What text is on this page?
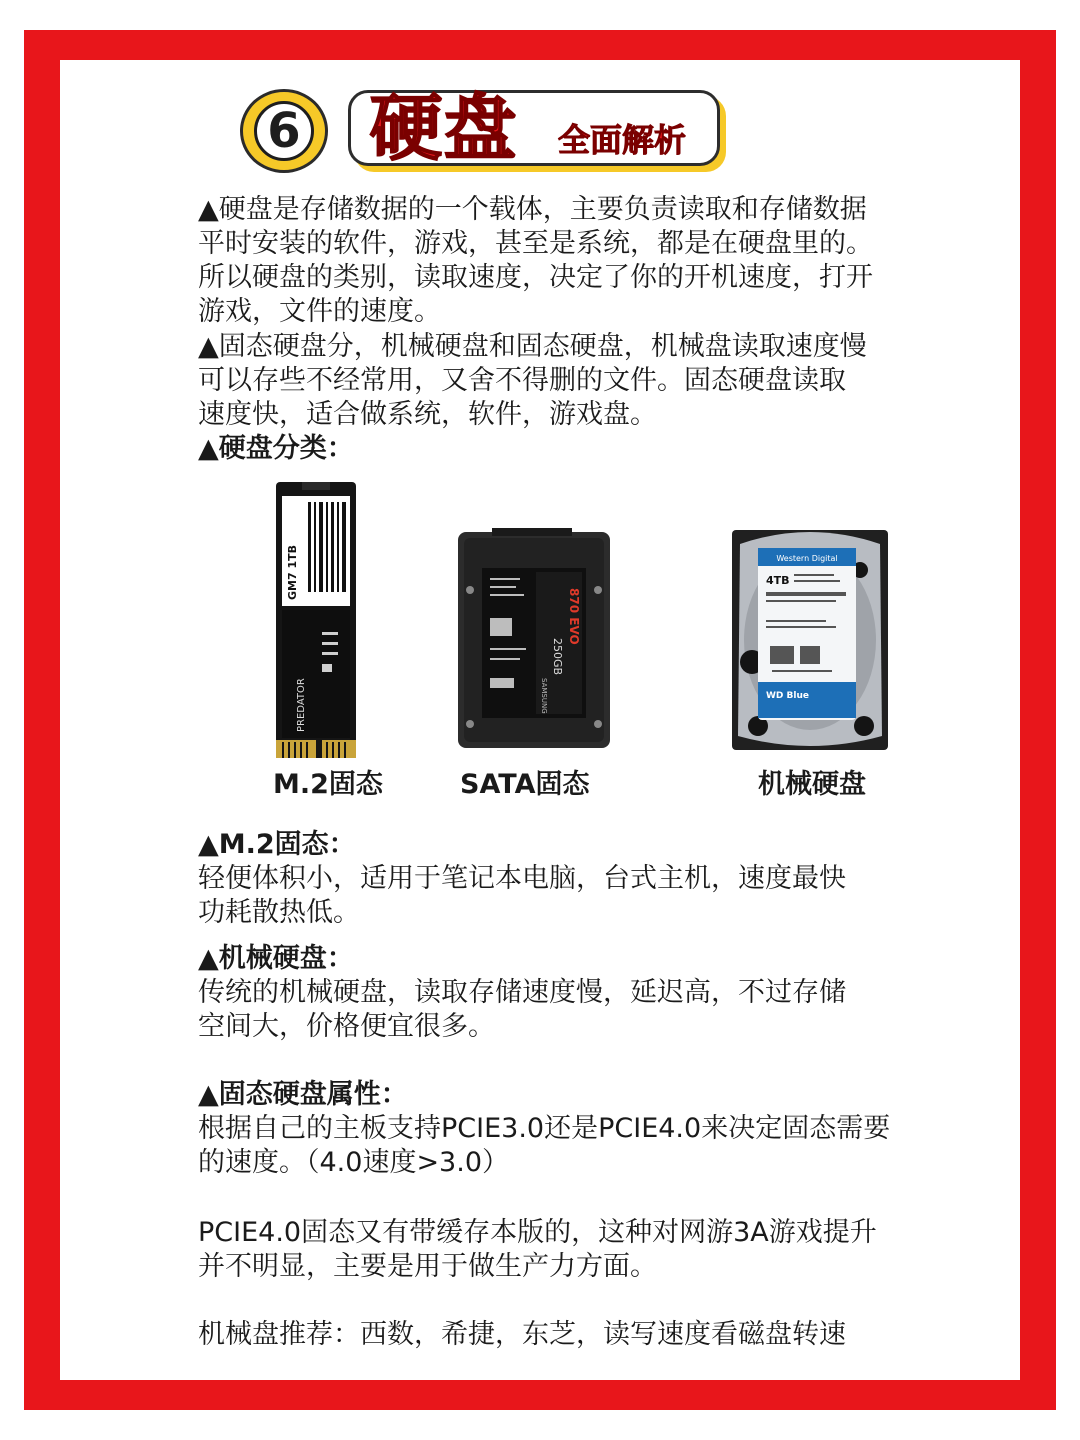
6 硬盘 全面解析
▲硬盘是存储数据的一个载体，主要负责读取和存储数据
平时安装的软件，游戏，甚至是系统，都是在硬盘里的。
所以硬盘的类别，读取速度，决定了你的开机速度，打开
游戏，文件的速度。
▲固态硬盘分，机械硬盘和固态硬盘，机械盘读取速度慢
可以存些不经常用，又舍不得删的文件。固态硬盘读取
速度快，适合做系统，软件，游戏盘。
▲硬盘分类：
GM7 1TB
PREDATOR
870 EVO
250GB
SAMSUNG
Western Digital
4TB
WD Blue
M.2固态	SATA固态	机械硬盘
▲M.2固态：
轻便体积小，适用于笔记本电脑，台式主机，速度最快
功耗散热低。
▲机械硬盘：
传统的机械硬盘，读取存储速度慢，延迟高，不过存储
空间大，价格便宜很多。
▲固态硬盘属性：
根据自己的主板支持PCIE3.0还是PCIE4.0来决定固态需要
的速度。（4.0速度>3.0）
PCIE4.0固态又有带缓存本版的，这种对网游3A游戏提升
并不明显，主要是用于做生产力方面。
机械盘推荐：西数，希捷，东芝，读写速度看磁盘转速
